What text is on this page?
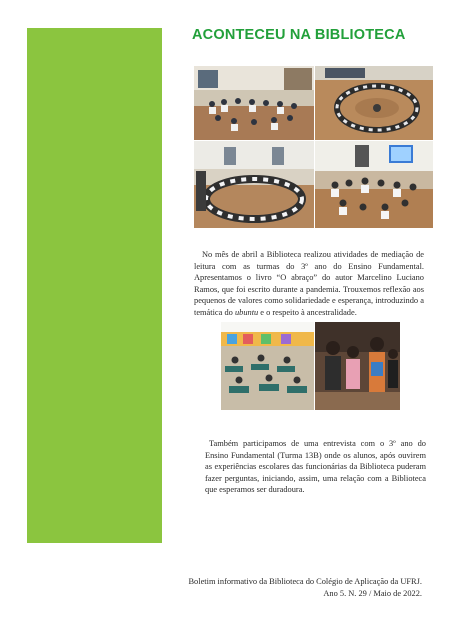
ACONTECEU NA BIBLIOTECA
No mês de abril a Biblioteca realizou atividades de mediação de leitura com as turmas do 3º ano do Ensino Fundamental. Apresentamos o livro “O abraço” do autor Marcelino Luciano Ramos, que foi escrito durante a pandemia. Trouxemos reflexão aos pequenos de valores como solidariedade e esperança, introduzindo a temática do ubuntu e o respeito à ancestralidade.
Também participamos de uma entrevista com o 3º ano do Ensino Fundamental (Turma 13B) onde os alunos, após ouvirem as experiências escolares das funcionárias da Biblioteca puderam fazer perguntas, iniciando, assim, uma relação com a Biblioteca que esperamos ser duradoura.
Boletim informativo da Biblioteca do Colégio de Aplicação da UFRJ.
Ano 5. N. 29 / Maio de 2022.
